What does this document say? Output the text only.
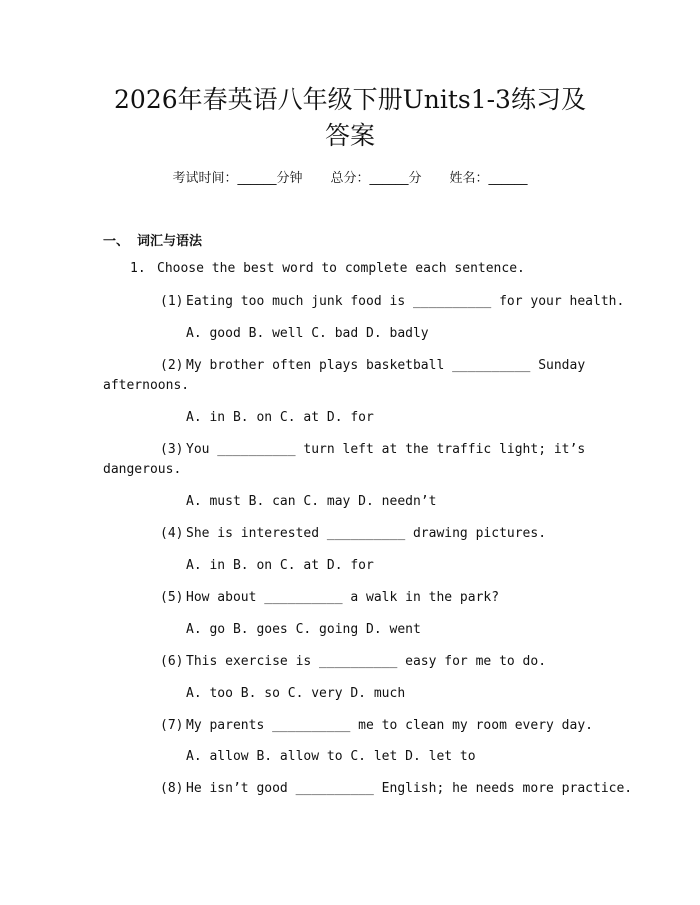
2026年春英语八年级下册Units1-3练习及
答案
考试时间：______分钟 总分：______分 姓名：______
一、 词汇与语法
1. Choose the best word to complete each sentence.
(1) Eating too much junk food is __________ for your health.
A. good B. well C. bad D. badly
(2) My brother often plays basketball __________ Sunday
afternoons.
A. in B. on C. at D. for
(3) You __________ turn left at the traffic light; it’s
dangerous.
A. must B. can C. may D. needn’t
(4) She is interested __________ drawing pictures.
A. in B. on C. at D. for
(5) How about __________ a walk in the park?
A. go B. goes C. going D. went
(6) This exercise is __________ easy for me to do.
A. too B. so C. very D. much
(7) My parents __________ me to clean my room every day.
A. allow B. allow to C. let D. let to
(8) He isn’t good __________ English; he needs more practice.
